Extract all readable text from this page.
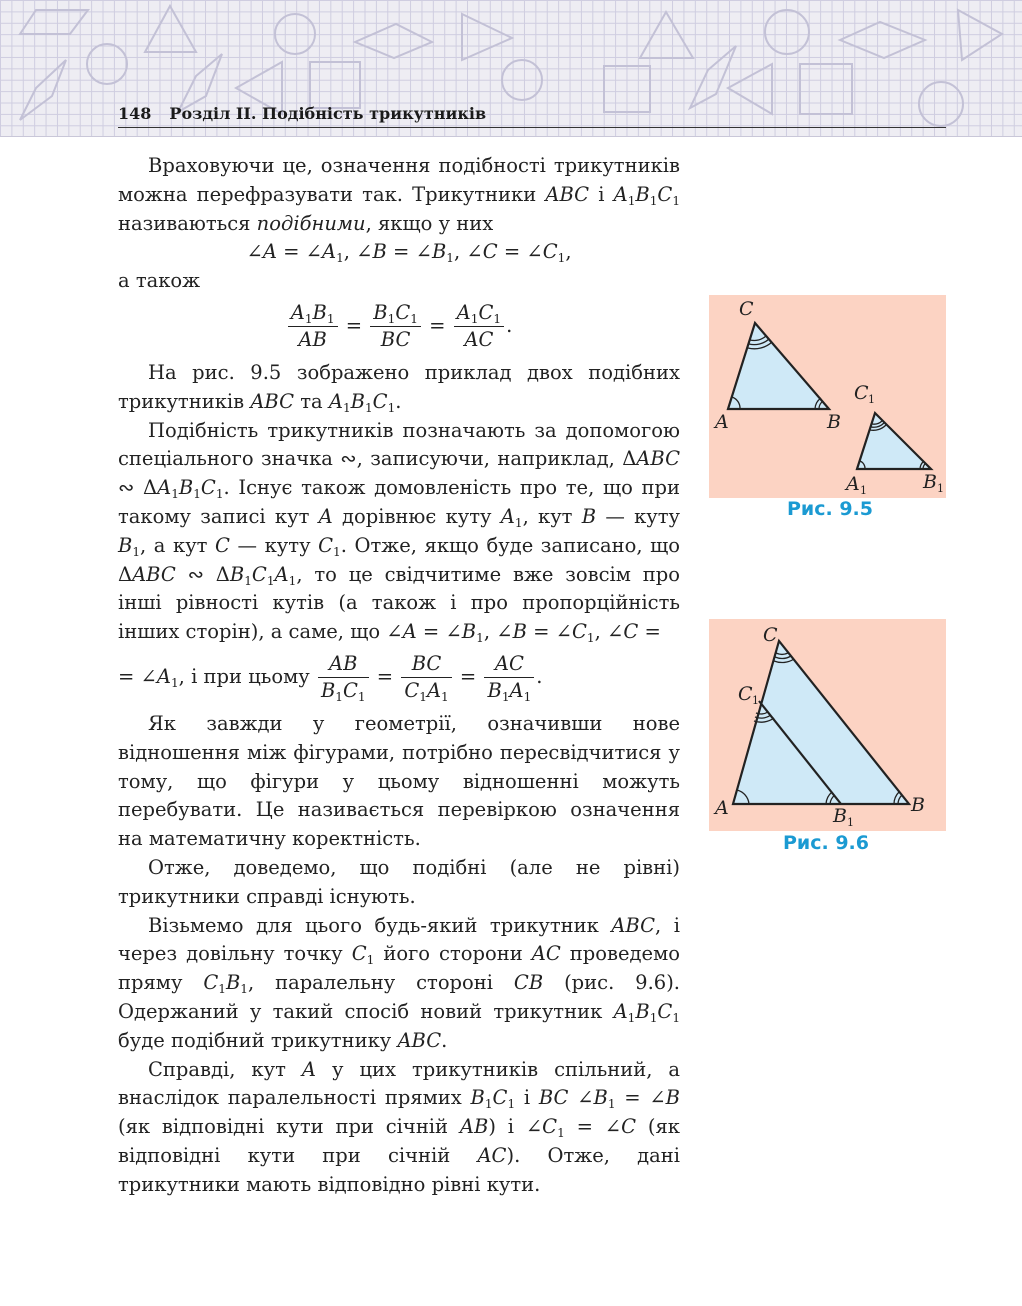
148 Розділ ІІ. Подібність трикутників

Враховуючи це, означення подібності трикутників можна перефразувати так. Трикутники ABC і $A_1B_1C_1$ називаються подібними, якщо у них

∠A = $\angle A_1$, ∠B = $\angle B_1$, ∠C = $\angle C_1$,

а також

$\frac{A_1B_1}{AB} = \frac{B_1C_1}{BC} = \frac{A_1C_1}{AC}$ .

На рис. 9.5 зображено приклад двох подібних трикутників ABC та $A_1B_1C_1$.

Подібність трикутників позначають за допомогою спеціального значка ∾, записуючи, наприклад, ΔABC ∾ $\Delta A_1B_1C_1$. Існує також домовленість про те, що при такому записі кут A дорівнює куту $A_1$, кут B — куту $B_1$, а кут C — куту $C_1$. Отже, якщо буде записано, що ΔABC ∾ $\Delta B_1C_1A_1$, то це свідчитиме вже зовсім про інші рівності кутів (а також і про пропорційність інших сторін), а саме, що ∠A = $\angle B_1$, ∠B = $\angle C_1$, ∠C =

= $\angle A_1$, і при цьому $\frac{AB}{B_1C_1} = \frac{BC}{C_1A_1} = \frac{AC}{B_1A_1}$ .

Як завжди у геометрії, означивши нове відношення між фігурами, потрібно пересвідчитися у тому, що фігури у цьому відношенні можуть перебувати. Це називається перевіркою означення на математичну коректність.

Отже, доведемо, що подібні (але не рівні) трикутники справді існують.

Візьмемо для цього будь-який трикутник ABC, і через довільну точку $C_1$ його сторони AC проведемо пряму $C_1B_1$, паралельну стороні CB (рис. 9.6). Одержаний у такий спосіб новий трикутник $A_1B_1C_1$ буде подібний трикутнику ABC.

Справді, кут A у цих трикутників спільний, а внаслідок паралельності прямих $B_1C_1$ і BC $\angle B_1$ = ∠B (як відповідні кути при січній AB) і $\angle C_1$ = ∠C (як відповідні кути при січній AC). Отже, дані трикутники мають відповідно рівні кути.

A	B
C
C 1
A 1	B 1
Рис. 9.5
A	B
C
C 1
B 1
Рис. 9.6
